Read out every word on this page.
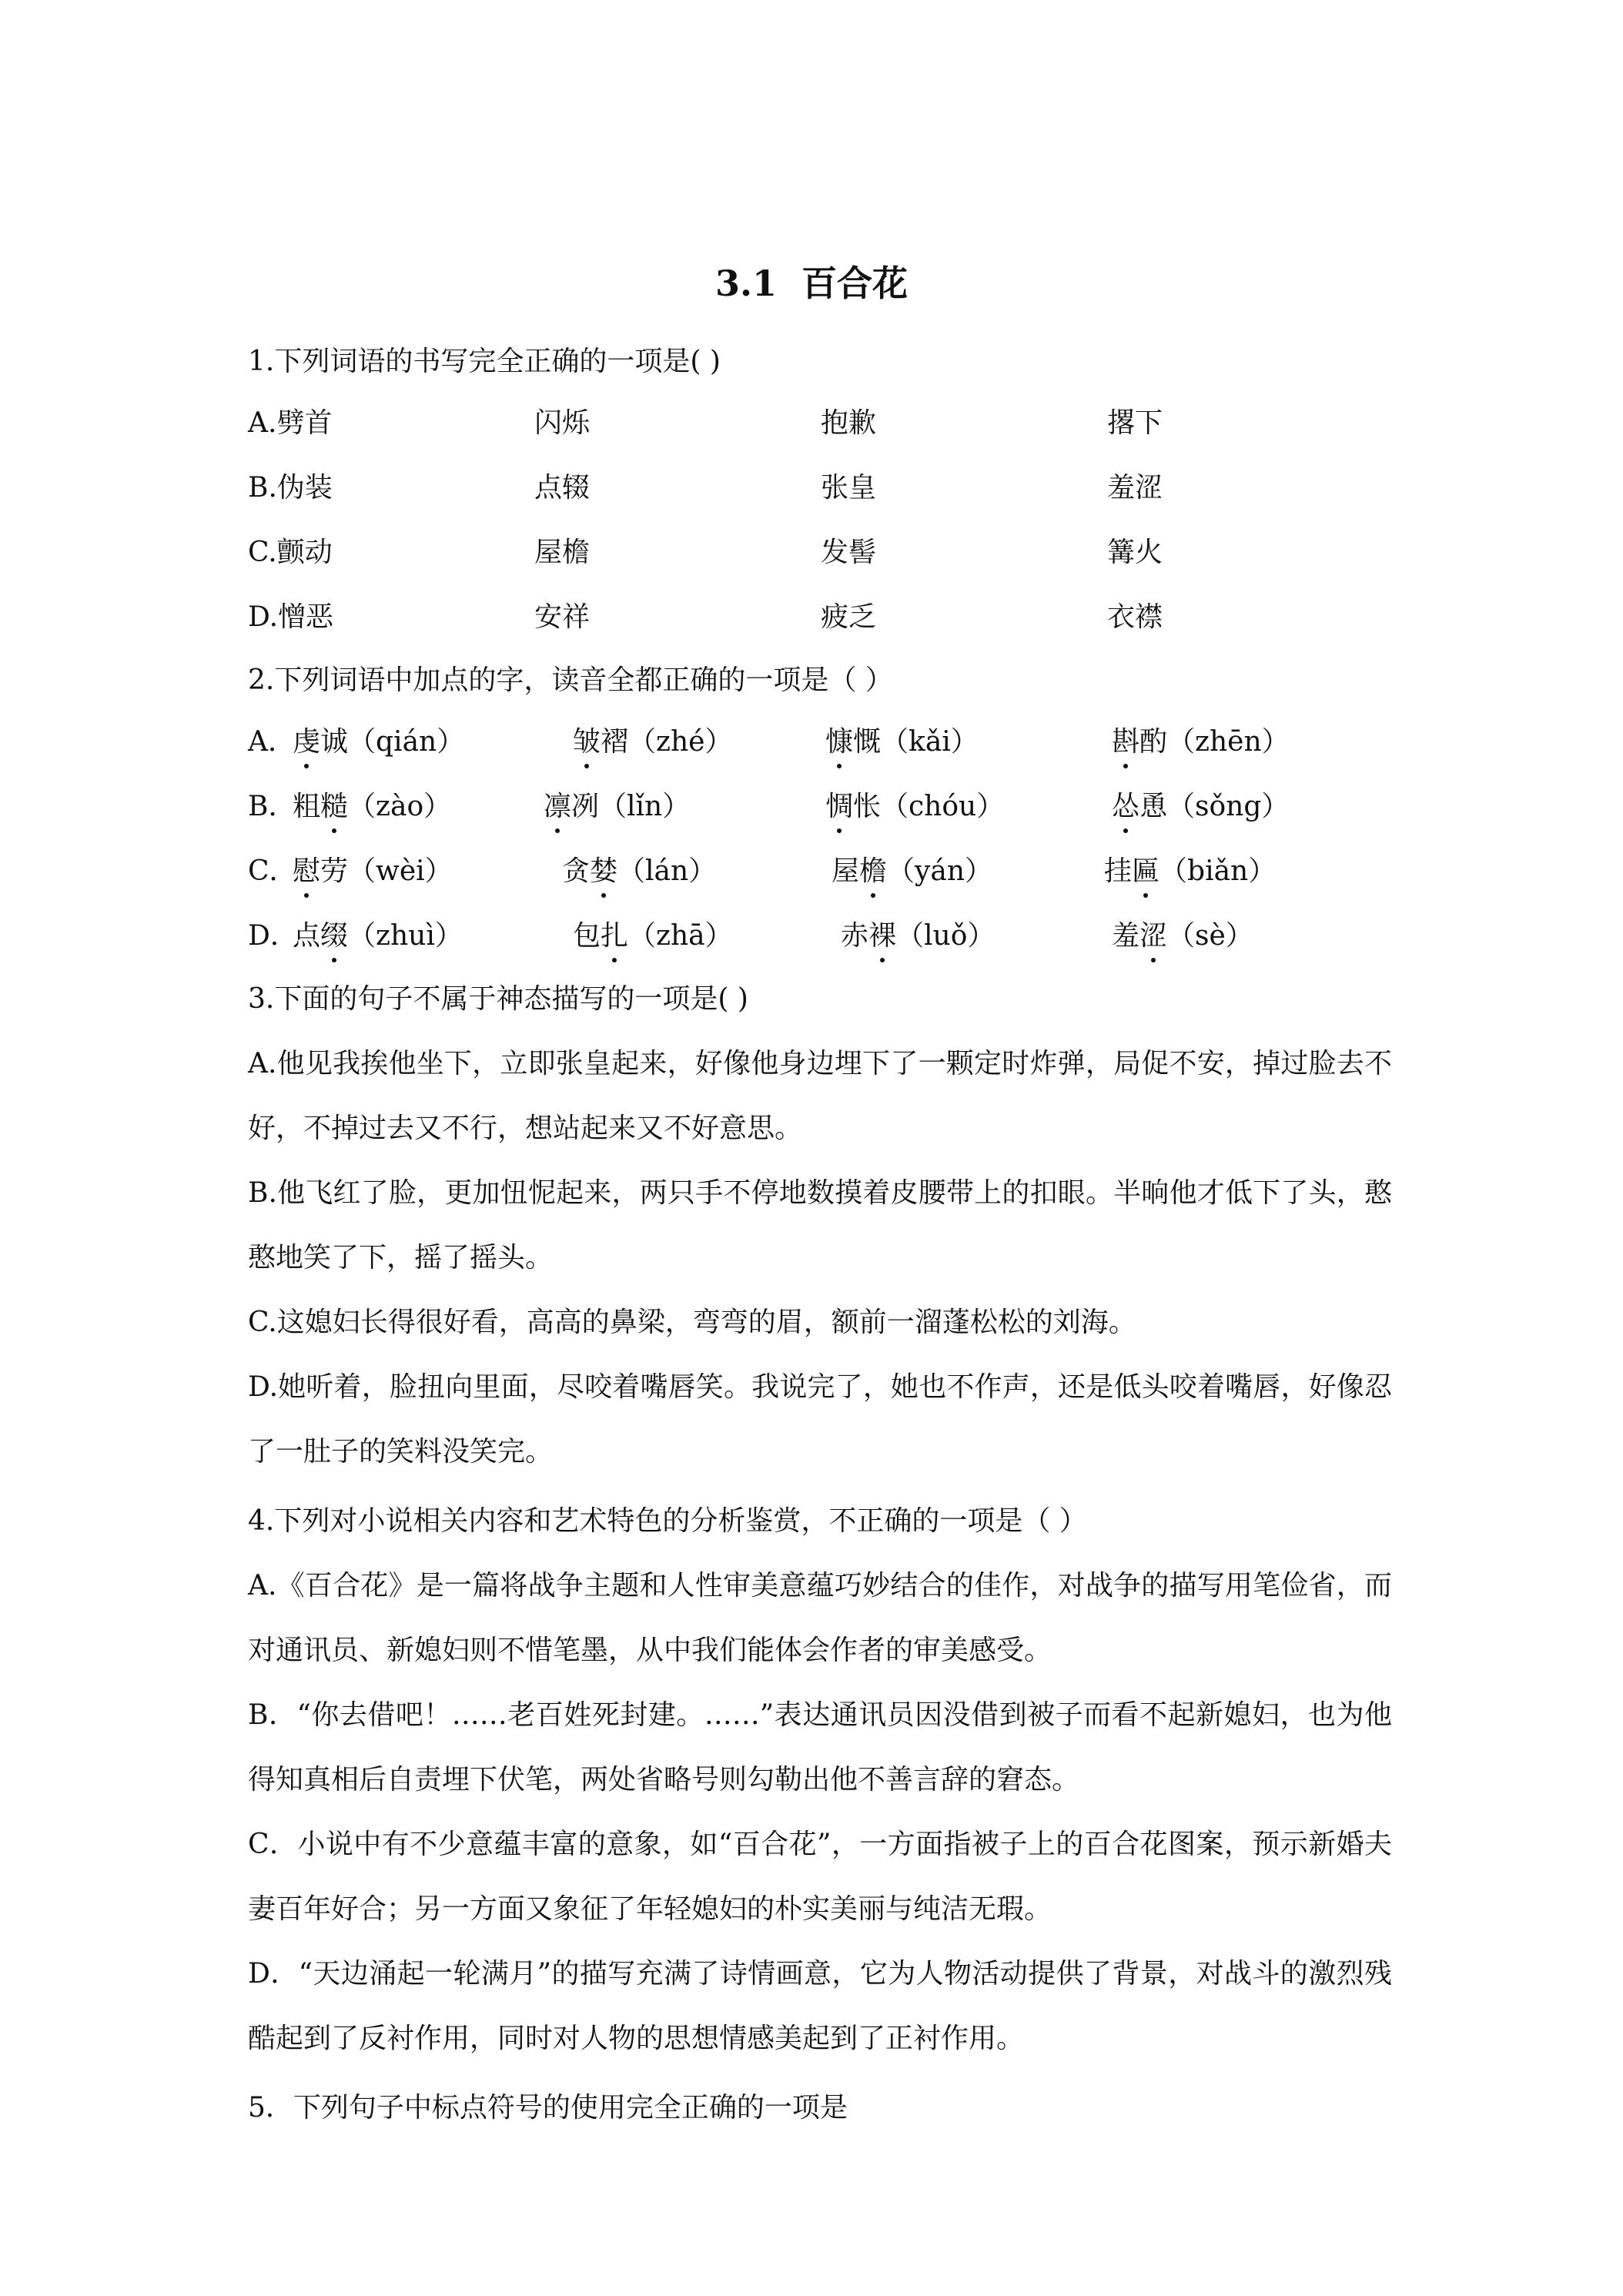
3.1  百合花
1.下列词语的书写完全正确的一项是( )
A.劈首	闪烁	抱歉	撂下
B.伪装	点辍	张皇	羞涩
C.颤动	屋檐	发髻	篝火
D.憎恶	安祥	疲乏	衣襟
2.下列词语中加点的字，读音全都正确的一项是（ ）
A．
虔诚（qián）	皱褶（zhé）	慷慨（kǎi）	斟酌（zhēn）
B．
粗糙（zào）	凛冽（lǐn）	惆怅（chóu）	怂恿（sǒng）
C．
慰劳（wèi）	贪婪（lán）	屋檐（yán）	挂匾（biǎn）
D．
点缀（zhuì）	包扎（zhā）	赤裸（luǒ）	羞涩（sè）
3.下面的句子不属于神态描写的一项是( )
A.他见我挨他坐下，立即张皇起来，好像他身边埋下了一颗定时炸弹，局促不安，掉过脸去不好，不掉过去又不行，想站起来又不好意思。
B.他飞红了脸，更加忸怩起来，两只手不停地数摸着皮腰带上的扣眼。半晌他才低下了头，憨憨地笑了下，摇了摇头。
C.这媳妇长得很好看，高高的鼻梁，弯弯的眉，额前一溜蓬松松的刘海。
D.她听着，脸扭向里面，尽咬着嘴唇笑。我说完了，她也不作声，还是低头咬着嘴唇，好像忍了一肚子的笑料没笑完。
4.下列对小说相关内容和艺术特色的分析鉴赏，不正确的一项是（ ）
A.《百合花》是一篇将战争主题和人性审美意蕴巧妙结合的佳作，对战争的描写用笔俭省，而对通讯员、新媳妇则不惜笔墨，从中我们能体会作者的审美感受。
B．“你去借吧！……老百姓死封建。……”表达通讯员因没借到被子而看不起新媳妇，也为他得知真相后自责埋下伏笔，两处省略号则勾勒出他不善言辞的窘态。
C．小说中有不少意蕴丰富的意象，如“百合花”，一方面指被子上的百合花图案，预示新婚夫妻百年好合；另一方面又象征了年轻媳妇的朴实美丽与纯洁无瑕。
D．“天边涌起一轮满月”的描写充满了诗情画意，它为人物活动提供了背景，对战斗的激烈残酷起到了反衬作用，同时对人物的思想情感美起到了正衬作用。
5．下列句子中标点符号的使用完全正确的一项是
